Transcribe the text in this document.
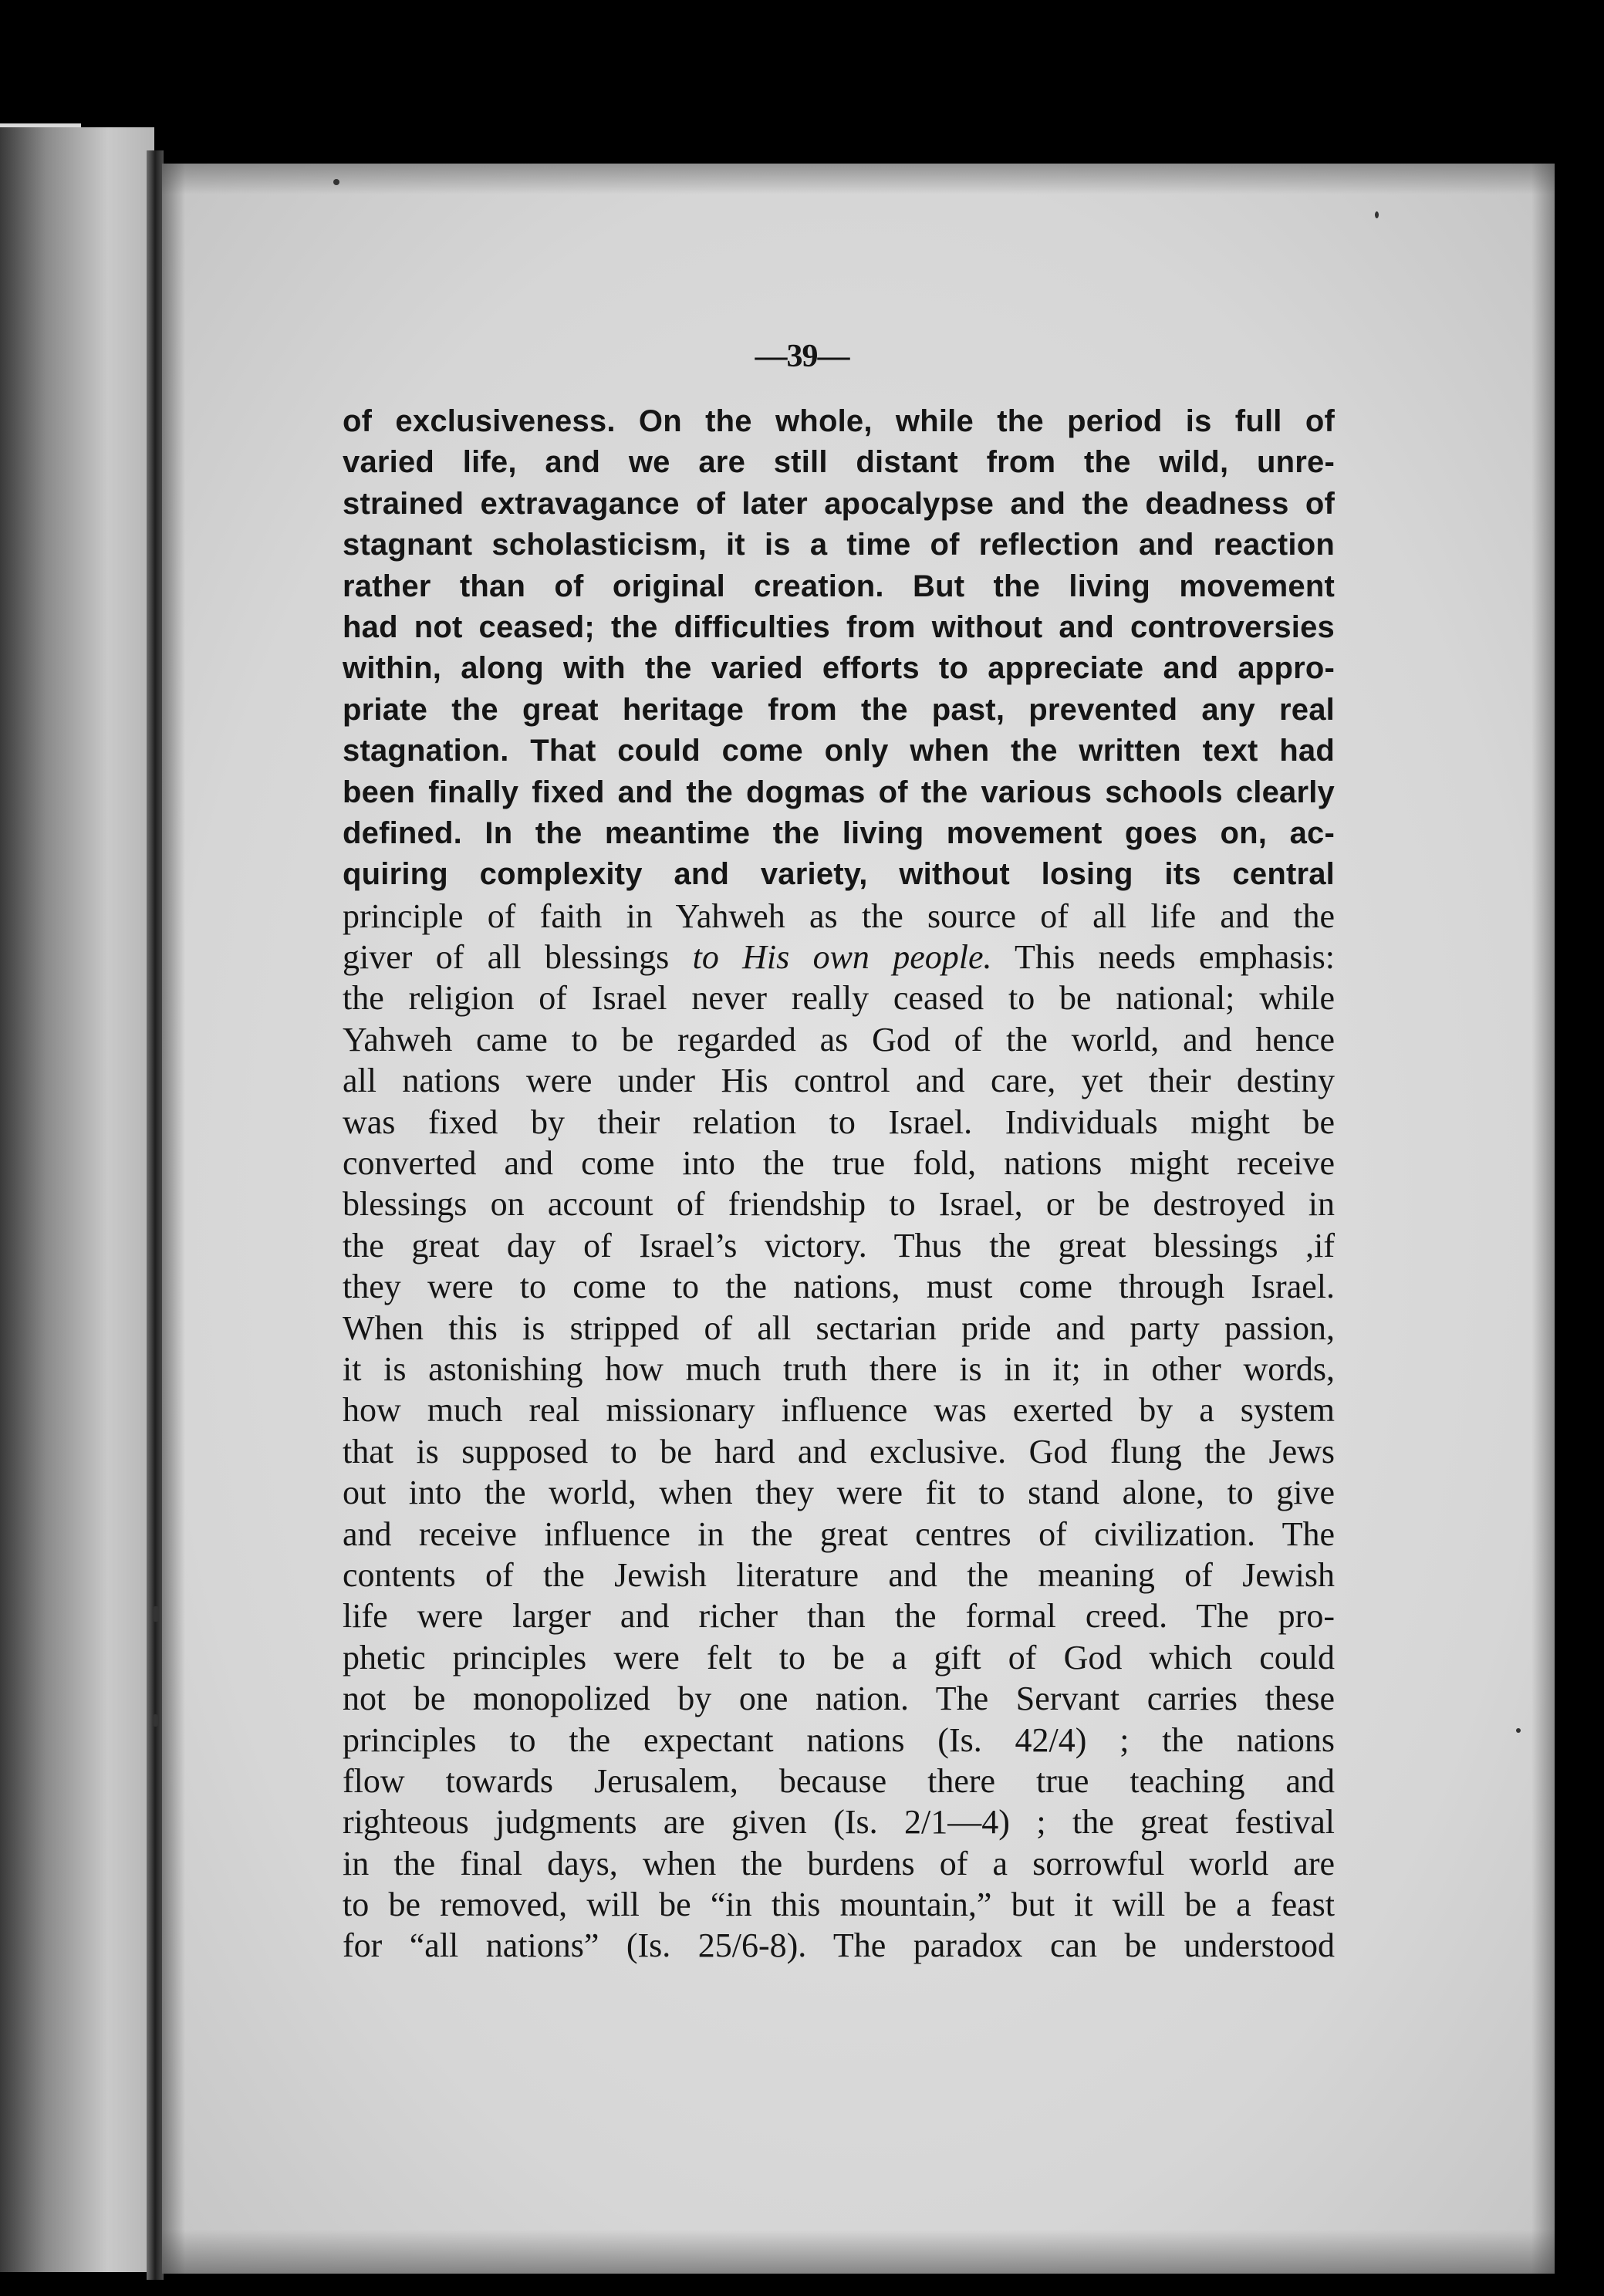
—39—
of exclusiveness. On the whole, while the period is full of
varied life, and we are still distant from the wild, unre-
strained extravagance of later apocalypse and the deadness of
stagnant scholasticism, it is a time of reflection and reaction
rather than of original creation. But the living movement
had not ceased; the difficulties from without and controversies
within, along with the varied efforts to appreciate and appro-
priate the great heritage from the past, prevented any real
stagnation. That could come only when the written text had
been finally fixed and the dogmas of the various schools clearly
defined. In the meantime the living movement goes on, ac-
quiring complexity and variety, without losing its central
principle of faith in Yahweh as the source of all life and the
giver of all blessings to His own people. This needs emphasis:
the religion of Israel never really ceased to be national; while
Yahweh came to be regarded as God of the world, and hence
all nations were under His control and care, yet their destiny
was fixed by their relation to Israel. Individuals might be
converted and come into the true fold, nations might receive
blessings on account of friendship to Israel, or be destroyed in
the great day of Israel’s victory. Thus the great blessings ,if
they were to come to the nations, must come through Israel.
When this is stripped of all sectarian pride and party passion,
it is astonishing how much truth there is in it; in other words,
how much real missionary influence was exerted by a system
that is supposed to be hard and exclusive. God flung the Jews
out into the world, when they were fit to stand alone, to give
and receive influence in the great centres of civilization. The
contents of the Jewish literature and the meaning of Jewish
life were larger and richer than the formal creed. The pro-
phetic principles were felt to be a gift of God which could
not be monopolized by one nation. The Servant carries these
principles to the expectant nations (Is. 42/4) ; the nations
flow towards Jerusalem, because there true teaching and
righteous judgments are given (Is. 2/1—4) ; the great festival
in the final days, when the burdens of a sorrowful world are
to be removed, will be “in this mountain,” but it will be a feast
for “all nations” (Is. 25/6-8). The paradox can be understood
